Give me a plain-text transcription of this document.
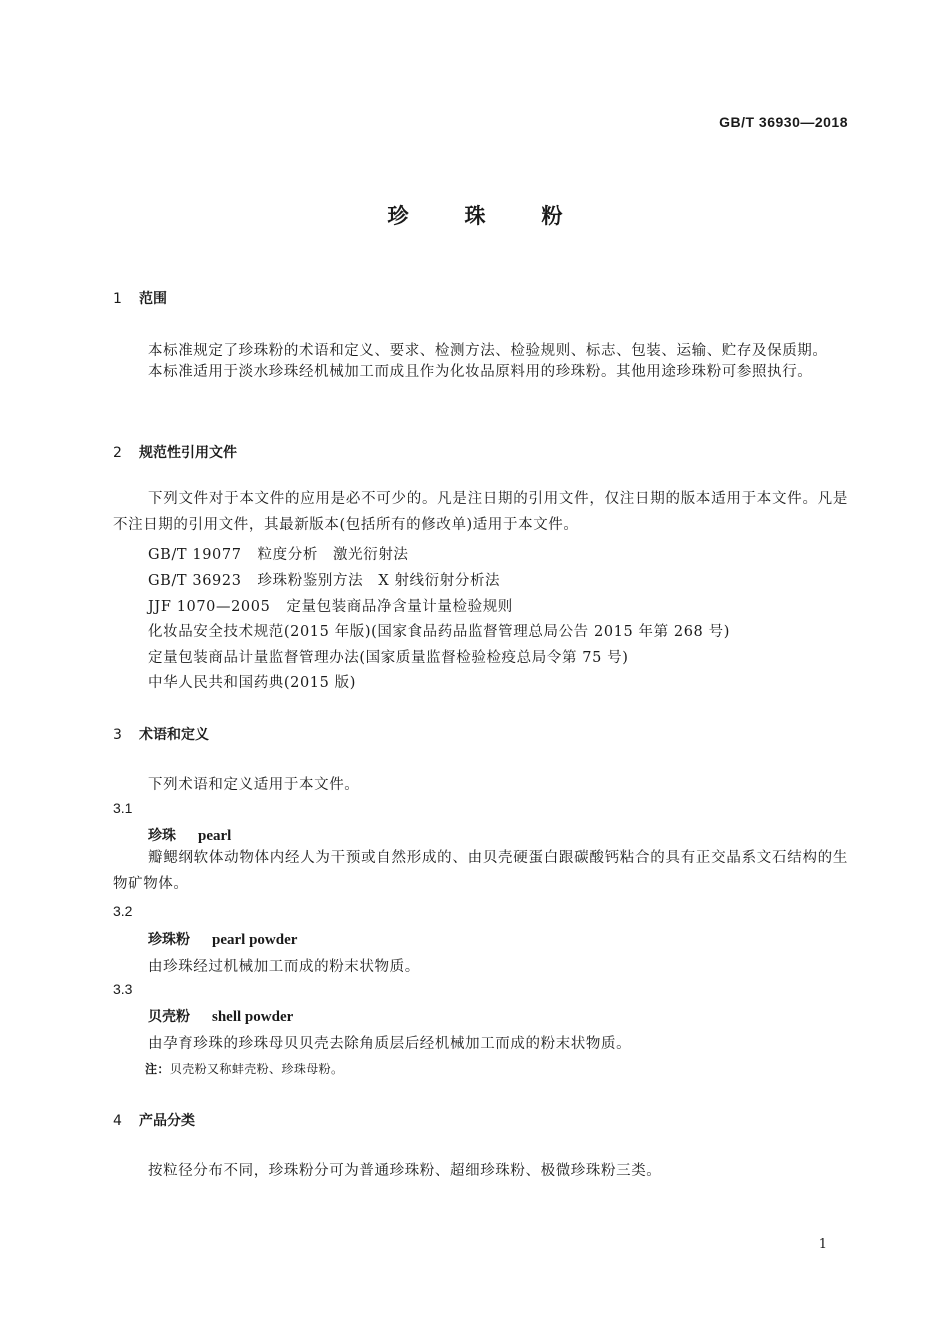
GB/T 36930—2018
珍	珠	粉
1 范围
本标准规定了珍珠粉的术语和定义、要求、检测方法、检验规则、标志、包装、运输、贮存及保质期。
本标准适用于淡水珍珠经机械加工而成且作为化妆品原料用的珍珠粉。其他用途珍珠粉可参照执行。
2 规范性引用文件
下列文件对于本文件的应用是必不可少的。凡是注日期的引用文件，仅注日期的版本适用于本文件。凡是不注日期的引用文件，其最新版本(包括所有的修改单)适用于本文件。
GB/T 19077 粒度分析　激光衍射法
GB/T 36923 珍珠粉鉴别方法　X 射线衍射分析法
JJF 1070—2005 定量包装商品净含量计量检验规则
化妆品安全技术规范(2015 年版)(国家食品药品监督管理总局公告 2015 年第 268 号)
定量包装商品计量监督管理办法(国家质量监督检验检疫总局令第 75 号)
中华人民共和国药典(2015 版)
3 术语和定义
下列术语和定义适用于本文件。
3.1
珍珠 pearl
瓣鳃纲软体动物体内经人为干预或自然形成的、由贝壳硬蛋白跟碳酸钙粘合的具有正交晶系文石结构的生物矿物体。
3.2
珍珠粉 pearl powder
由珍珠经过机械加工而成的粉末状物质。
3.3
贝壳粉 shell powder
由孕育珍珠的珍珠母贝贝壳去除角质层后经机械加工而成的粉末状物质。
注：贝壳粉又称蚌壳粉、珍珠母粉。
4 产品分类
按粒径分布不同，珍珠粉分可为普通珍珠粉、超细珍珠粉、极微珍珠粉三类。
1
